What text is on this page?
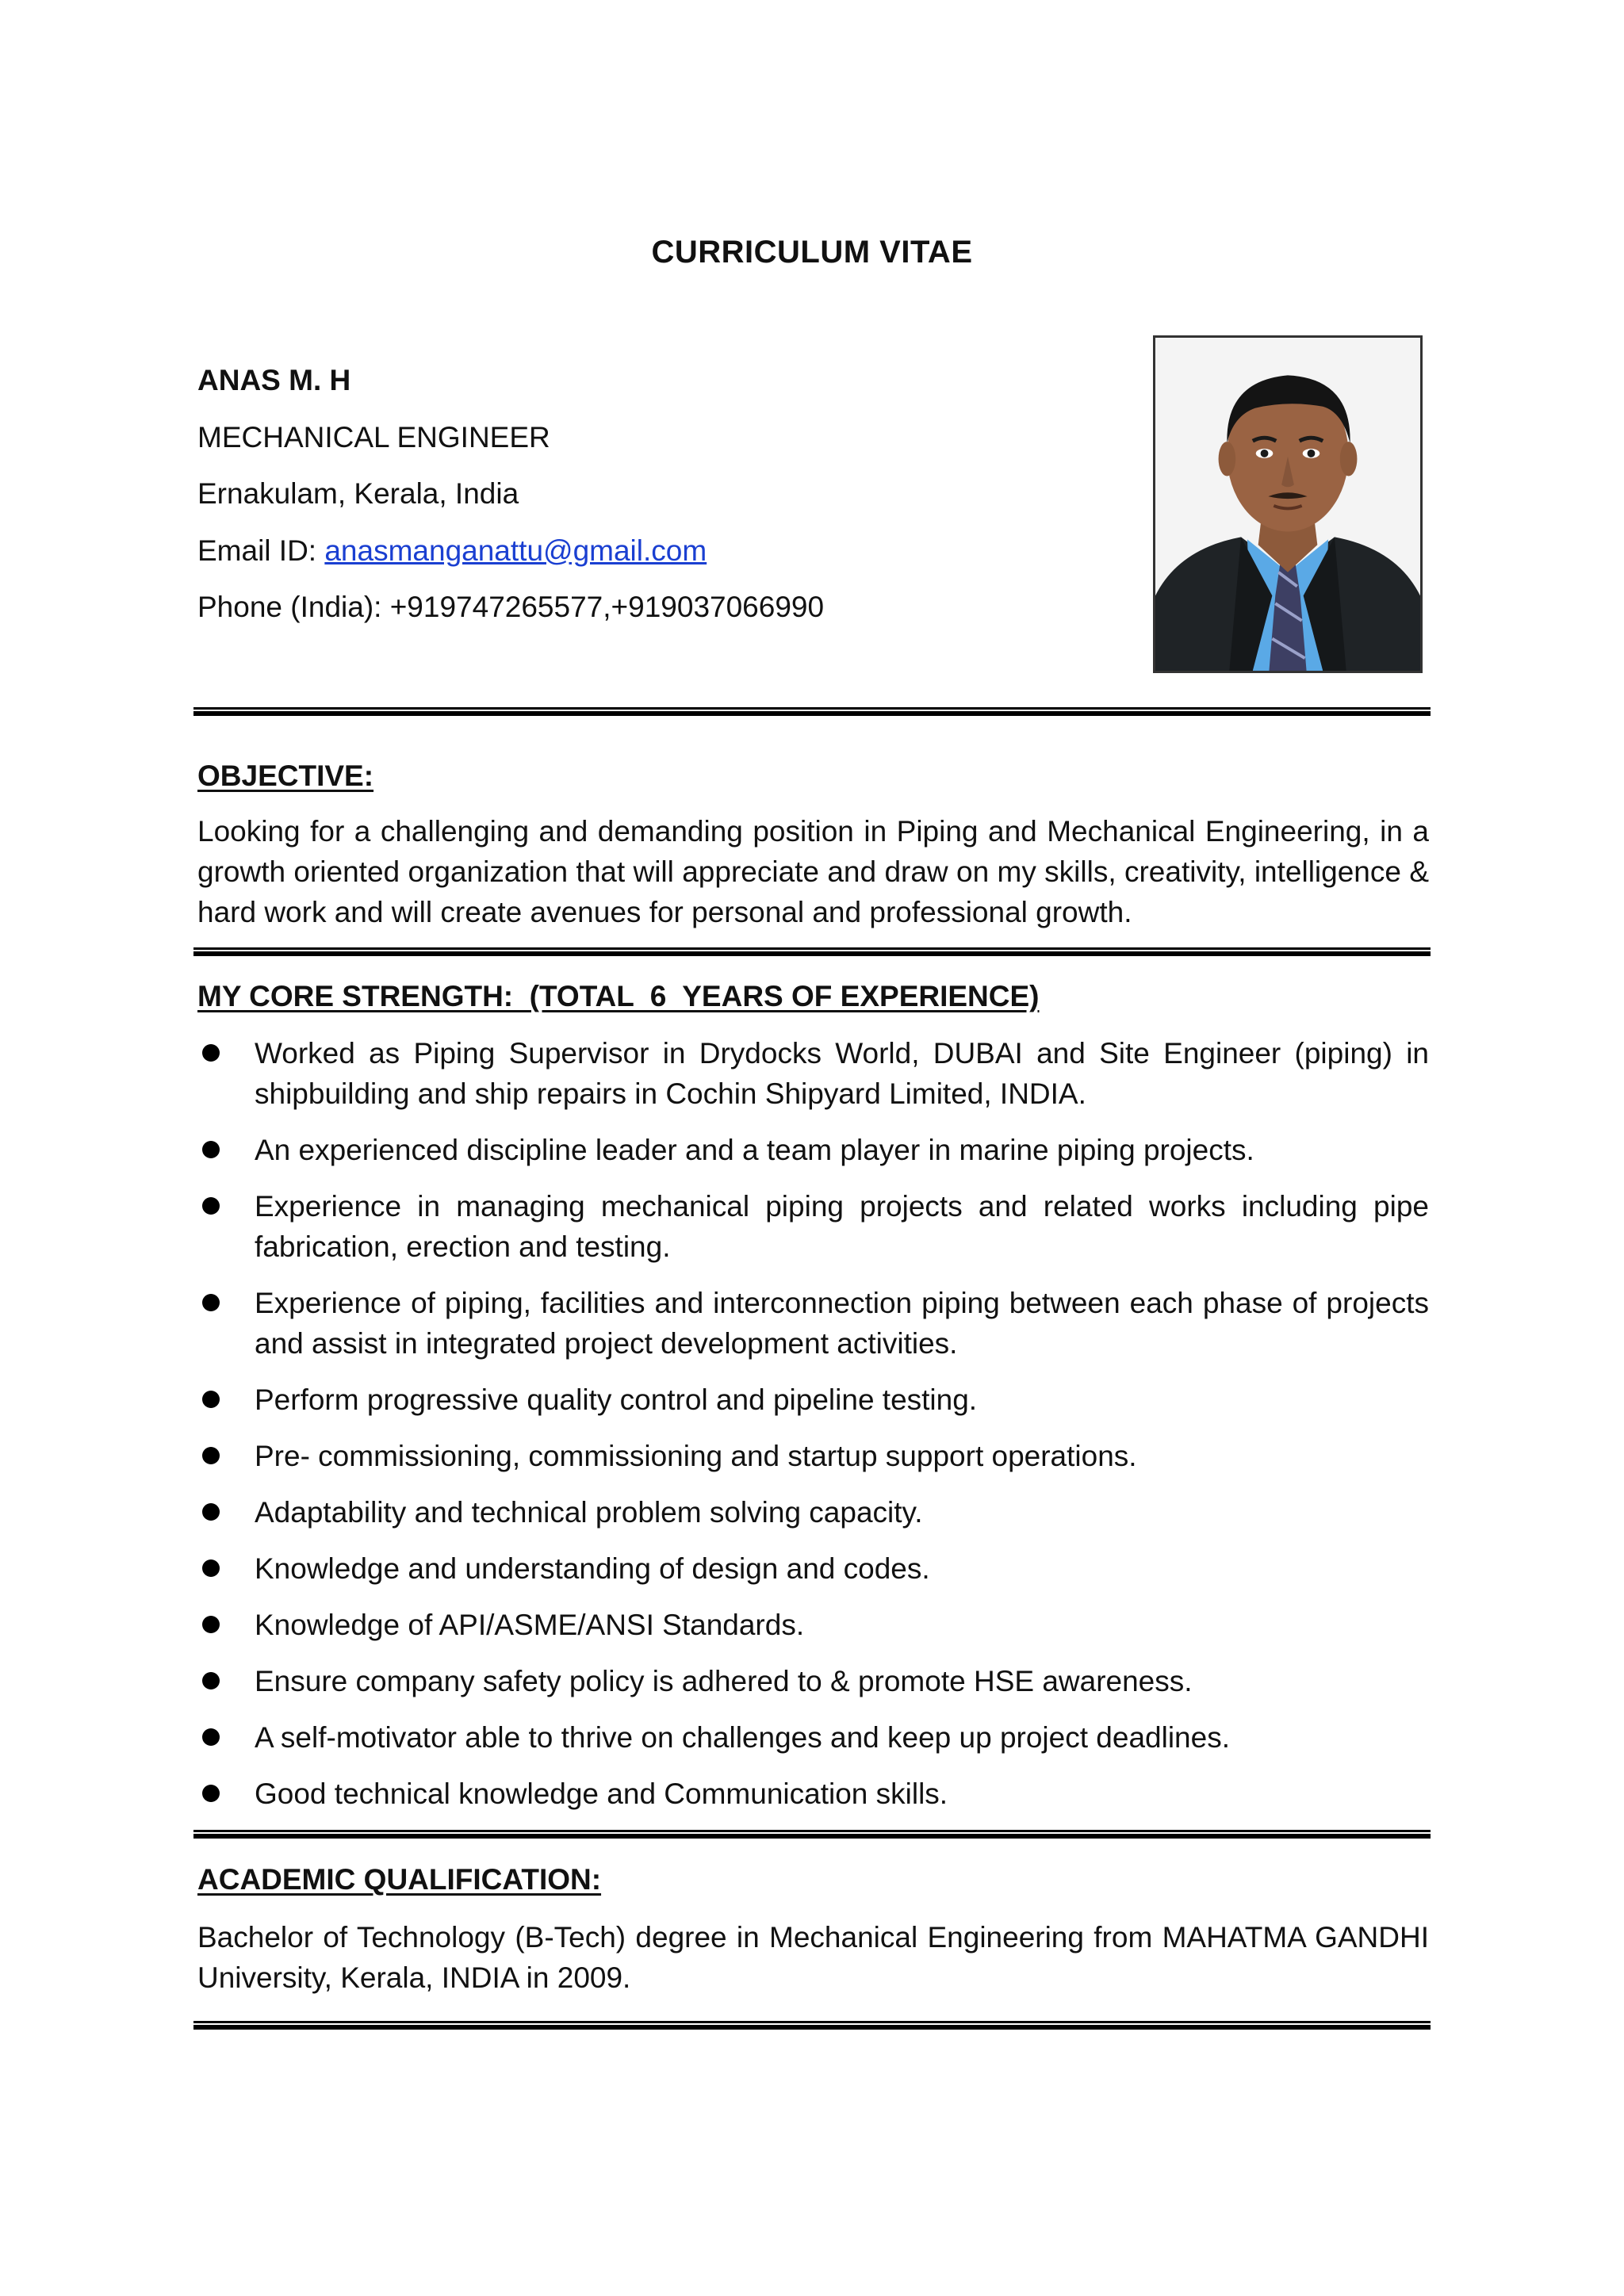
CURRICULUM VITAE
ANAS M. H
MECHANICAL ENGINEER
Ernakulam, Kerala, India
Email ID: anasmanganattu@gmail.com
Phone (India): +919747265577,+919037066990
OBJECTIVE:
Looking for a challenging and demanding position in Piping and Mechanical Engineering, in a growth oriented organization that will appreciate and draw on my skills, creativity, intelligence & hard work and will create avenues for personal and professional growth.
MY CORE STRENGTH:  (TOTAL  6  YEARS OF EXPERIENCE)
Worked as Piping Supervisor in Drydocks World, DUBAI and Site Engineer (piping) in shipbuilding and ship repairs in Cochin Shipyard Limited, INDIA.
An experienced discipline leader and a team player in marine piping projects.
Experience in managing mechanical piping projects and related works including pipe fabrication, erection and testing.
Experience of piping, facilities and interconnection piping between each phase of projects and assist in integrated project development activities.
Perform progressive quality control and pipeline testing.
Pre- commissioning, commissioning and startup support operations.
Adaptability and technical problem solving capacity.
Knowledge and understanding of design and codes.
Knowledge of API/ASME/ANSI Standards.
Ensure company safety policy is adhered to & promote HSE awareness.
A self-motivator able to thrive on challenges and keep up project deadlines.
Good technical knowledge and Communication skills.
ACADEMIC QUALIFICATION:
Bachelor of Technology (B-Tech) degree in Mechanical Engineering from MAHATMA GANDHI University, Kerala, INDIA in 2009.
